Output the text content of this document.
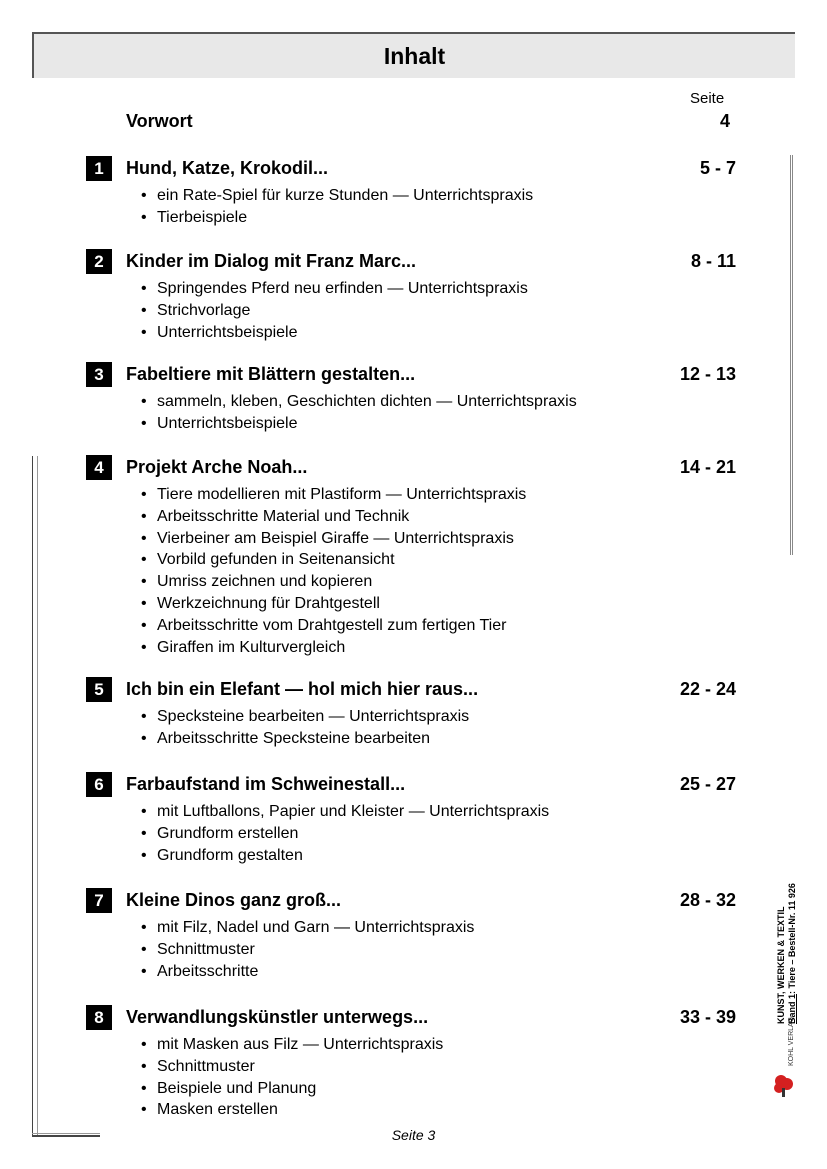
Inhalt
Seite
Vorwort	4
1	Hund, Katze, Krokodil...	5 - 7
• ein Rate-Spiel für kurze Stunden — Unterrichtspraxis
• Tierbeispiele
2	Kinder im Dialog mit Franz Marc...	8 - 11
• Springendes Pferd neu erfinden — Unterrichtspraxis
• Strichvorlage
• Unterrichtsbeispiele
3	Fabeltiere mit Blättern gestalten...	12 - 13
• sammeln, kleben, Geschichten dichten — Unterrichtspraxis
• Unterrichtsbeispiele
4	Projekt Arche Noah...	14 - 21
• Tiere modellieren mit Plastiform — Unterrichtspraxis
• Arbeitsschritte Material und Technik
• Vierbeiner am Beispiel Giraffe — Unterrichtspraxis
• Vorbild gefunden in Seitenansicht
• Umriss zeichnen und kopieren
• Werkzeichnung für Drahtgestell
• Arbeitsschritte vom Drahtgestell zum fertigen Tier
• Giraffen im Kulturvergleich
5	Ich bin ein Elefant — hol mich hier raus...	22 - 24
• Specksteine bearbeiten — Unterrichtspraxis
• Arbeitsschritte Specksteine bearbeiten
6	Farbaufstand im Schweinestall...	25 - 27
• mit Luftballons, Papier und Kleister — Unterrichtspraxis
• Grundform erstellen
• Grundform gestalten
7	Kleine Dinos ganz groß...	28 - 32
• mit Filz, Nadel und Garn — Unterrichtspraxis
• Schnittmuster
• Arbeitsschritte
8	Verwandlungskünstler unterwegs...	33 - 39
• mit Masken aus Filz — Unterrichtspraxis
• Schnittmuster
• Beispiele und Planung
• Masken erstellen
Seite 3
KUNST, WERKEN & TEXTIL Band 1: Tiere – Bestell-Nr. 11 926
KOHL VERLAG
